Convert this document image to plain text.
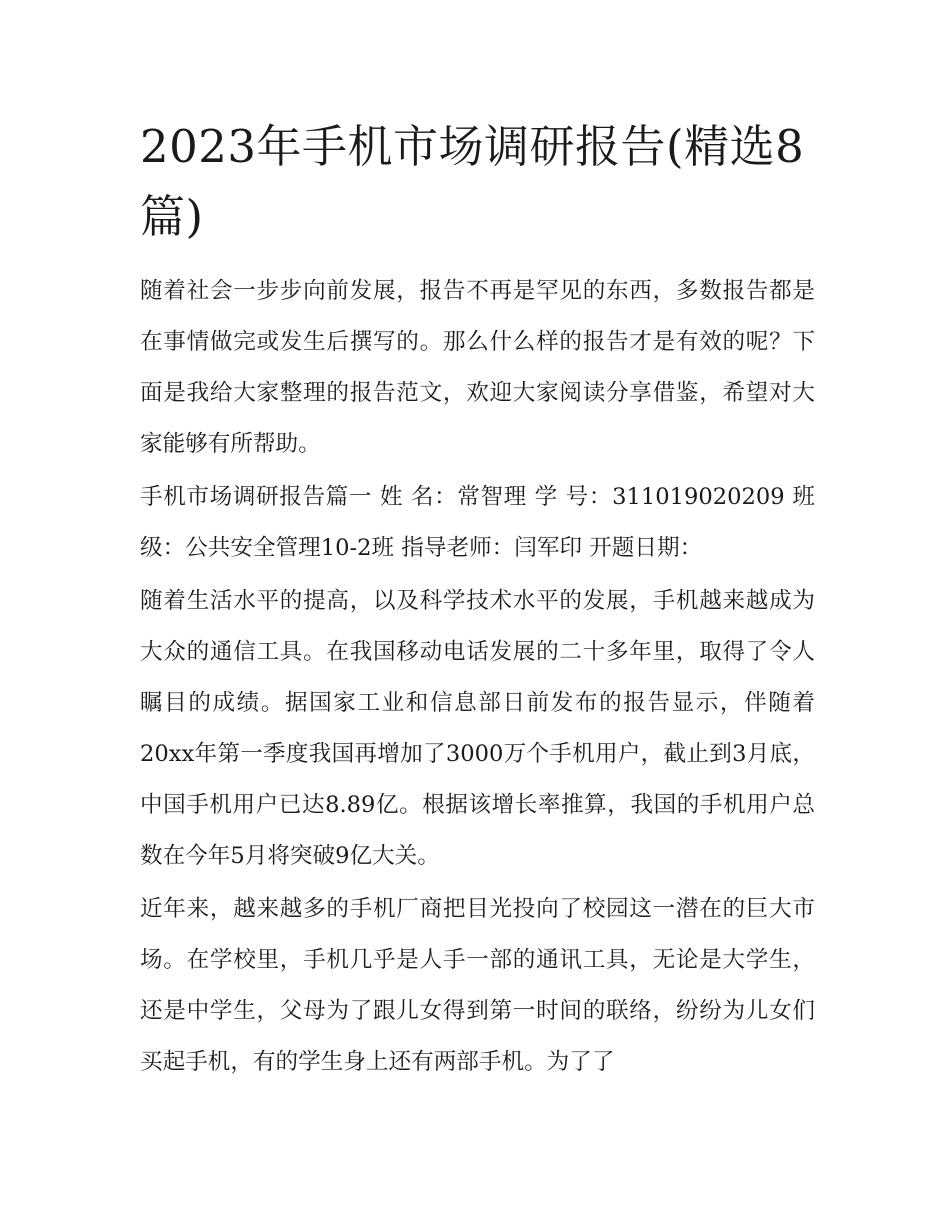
2023年手机市场调研报告(精选8篇)

随着社会一步步向前发展，报告不再是罕见的东西，多数报告都是在事情做完或发生后撰写的。那么什么样的报告才是有效的呢？下面是我给大家整理的报告范文，欢迎大家阅读分享借鉴，希望对大家能够有所帮助。

手机市场调研报告篇一 姓 名：常智理 学 号：311019020209 班级：公共安全管理10-2班 指导老师：闫军印 开题日期：

随着生活水平的提高，以及科学技术水平的发展，手机越来越成为大众的通信工具。在我国移动电话发展的二十多年里，取得了令人瞩目的成绩。据国家工业和信息部日前发布的报告显示，伴随着20xx年第一季度我国再增加了3000万个手机用户，截止到3月底，中国手机用户已达8.89亿。根据该增长率推算，我国的手机用户总数在今年5月将突破9亿大关。

近年来，越来越多的手机厂商把目光投向了校园这一潜在的巨大市场。在学校里，手机几乎是人手一部的通讯工具，无论是大学生，还是中学生，父母为了跟儿女得到第一时间的联络，纷纷为儿女们买起手机，有的学生身上还有两部手机。为了了
